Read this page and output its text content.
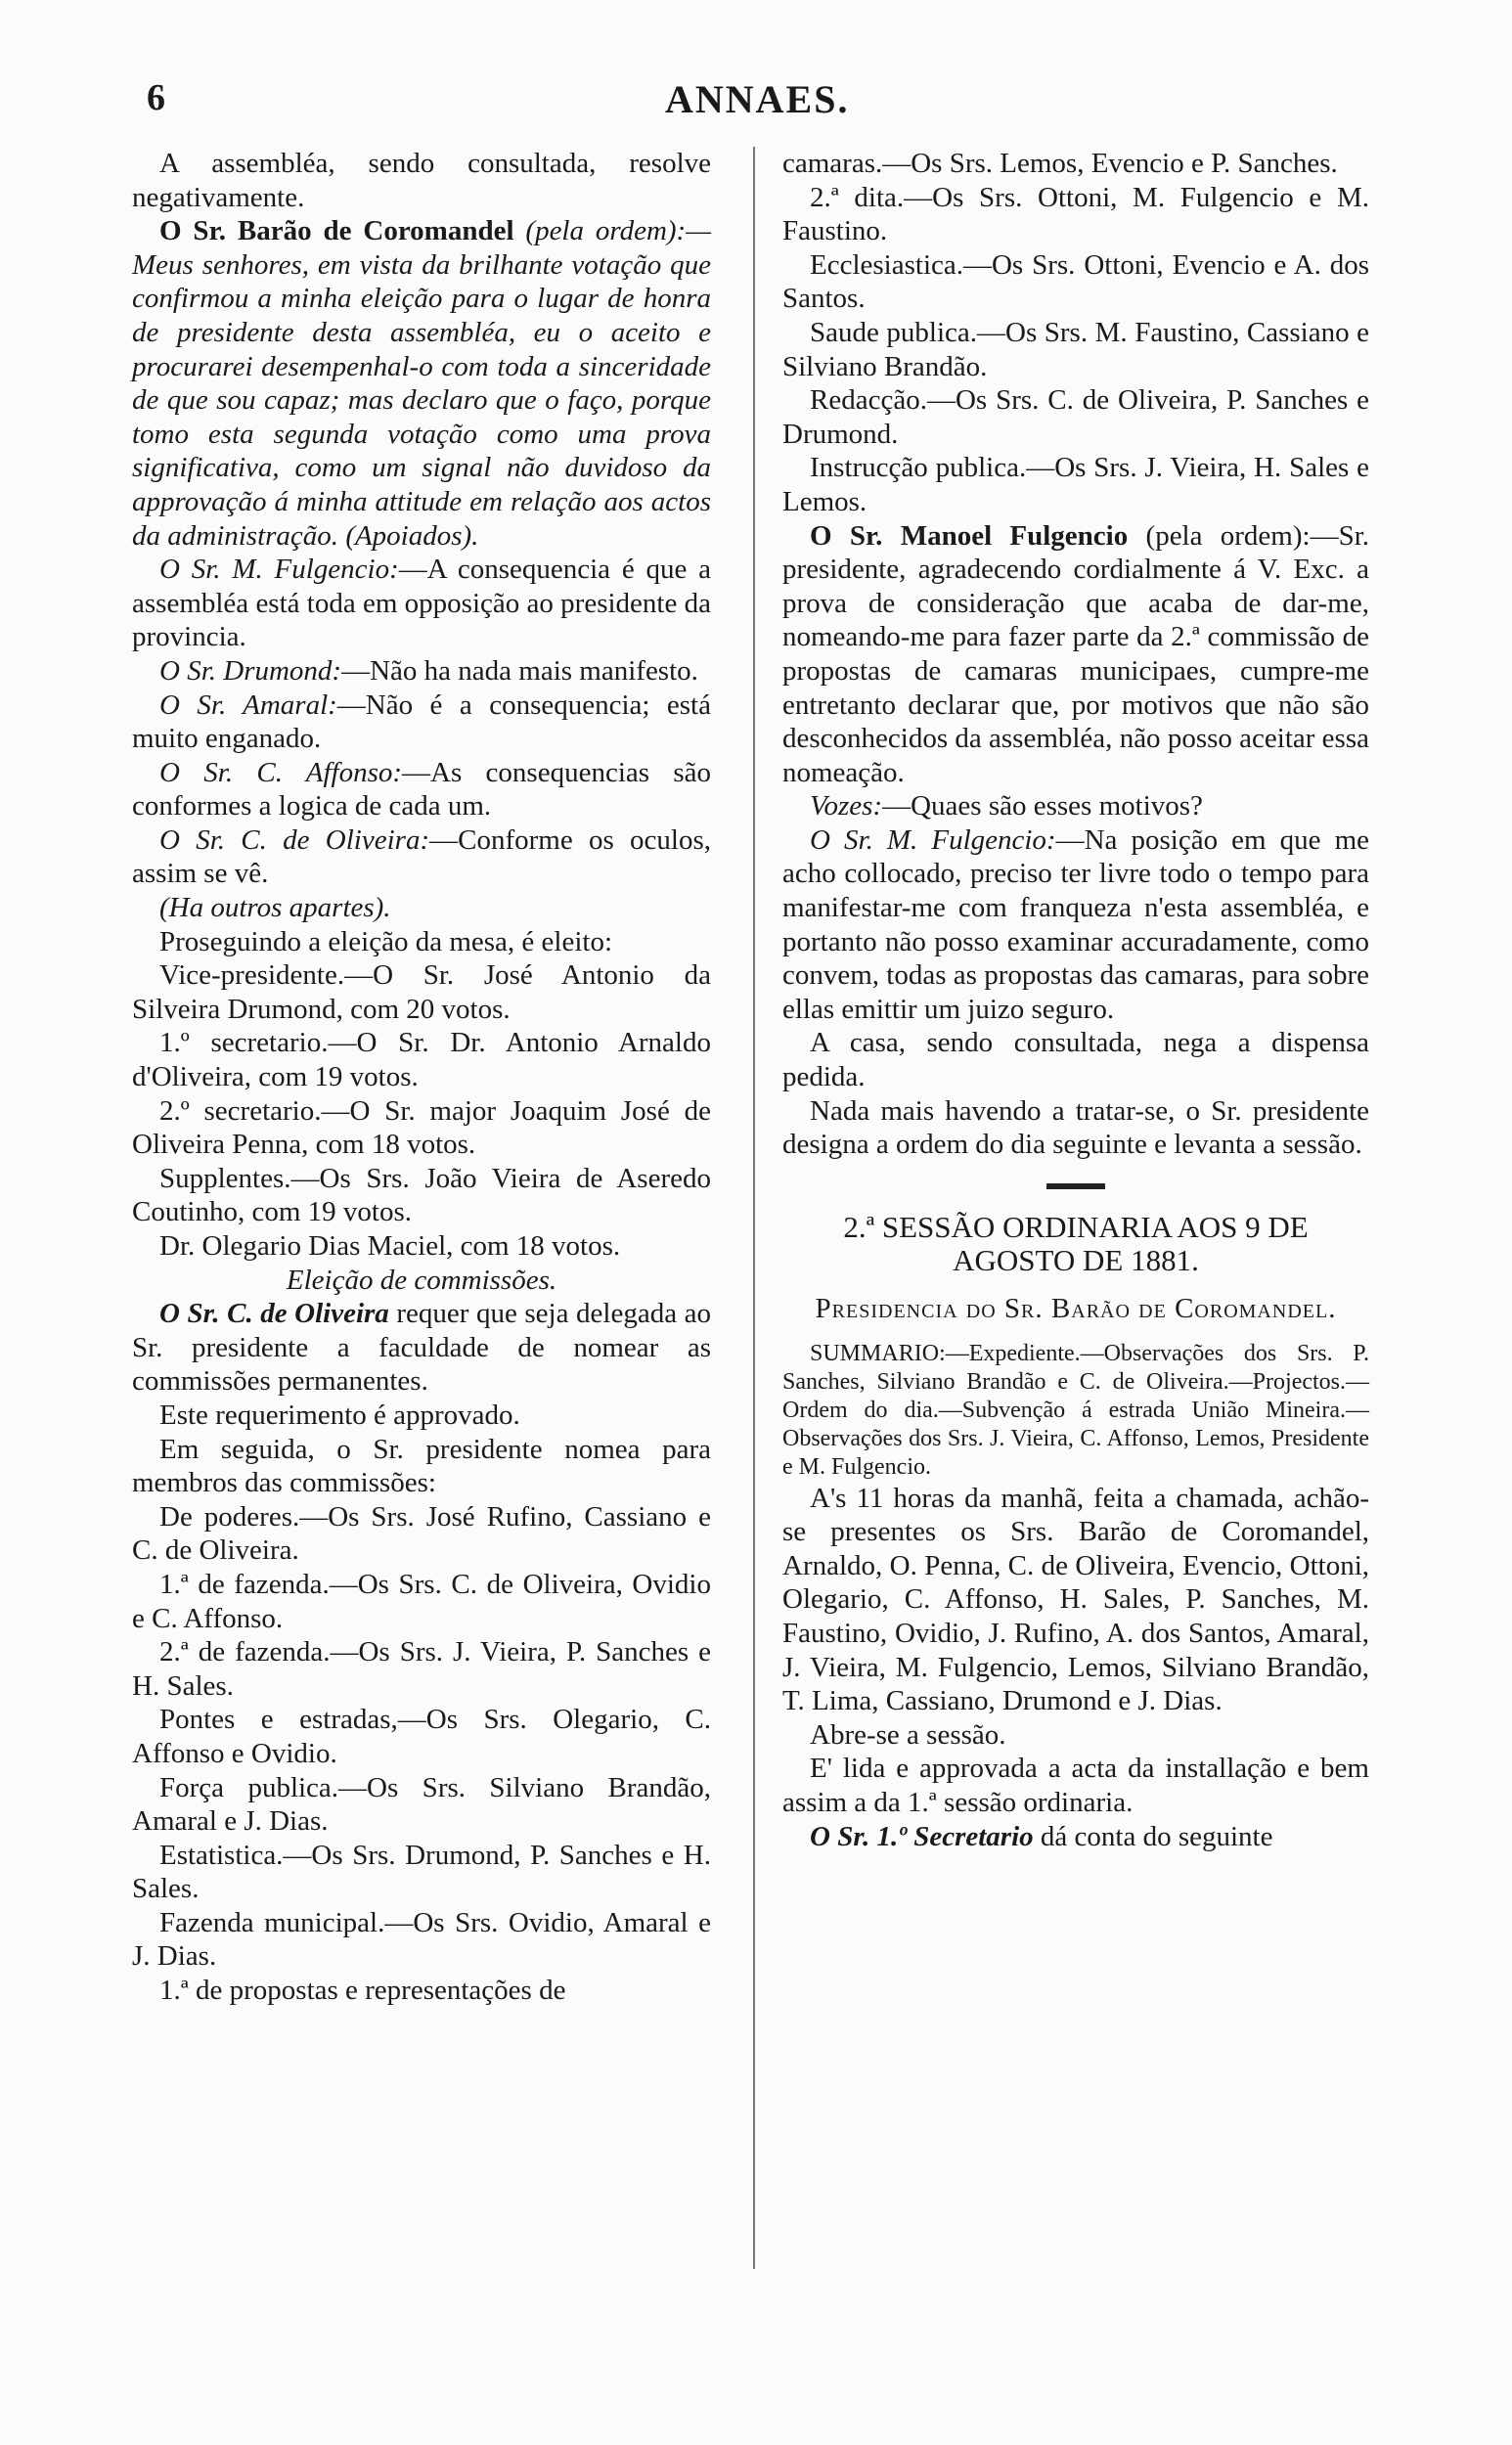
6	ANNAES.

A assembléa, sendo consultada, resolve negativamente.

O Sr. Barão de Coromandel (pela ordem):—Meus senhores, em vista da brilhante votação que confirmou a minha eleição para o lugar de honra de presidente desta assembléa, eu o aceito e procurarei desempenhal-o com toda a sinceridade de que sou capaz; mas declaro que o faço, porque tomo esta segunda votação como uma prova significativa, como um signal não duvidoso da approvação á minha attitude em relação aos actos da administração. (Apoiados).

O Sr. M. Fulgencio:—A consequencia é que a assembléa está toda em opposição ao presidente da provincia.

O Sr. Drumond:—Não ha nada mais manifesto.

O Sr. Amaral:—Não é a consequencia; está muito enganado.

O Sr. C. Affonso:—As consequencias são conformes a logica de cada um.

O Sr. C. de Oliveira:—Conforme os oculos, assim se vê.

(Ha outros apartes).

Proseguindo a eleição da mesa, é eleito:

Vice-presidente.—O Sr. José Antonio da Silveira Drumond, com 20 votos.

1.º secretario.—O Sr. Dr. Antonio Arnaldo d'Oliveira, com 19 votos.

2.º secretario.—O Sr. major Joaquim José de Oliveira Penna, com 18 votos.

Supplentes.—Os Srs. João Vieira de Aseredo Coutinho, com 19 votos.

Dr. Olegario Dias Maciel, com 18 votos.

Eleição de commissões.

O Sr. C. de Oliveira requer que seja delegada ao Sr. presidente a faculdade de nomear as commissões permanentes.

Este requerimento é approvado.

Em seguida, o Sr. presidente nomea para membros das commissões:

De poderes.—Os Srs. José Rufino, Cassiano e C. de Oliveira.

1.ª de fazenda.—Os Srs. C. de Oliveira, Ovidio e C. Affonso.

2.ª de fazenda.—Os Srs. J. Vieira, P. Sanches e H. Sales.

Pontes e estradas,—Os Srs. Olegario, C. Affonso e Ovidio.

Força publica.—Os Srs. Silviano Brandão, Amaral e J. Dias.

Estatistica.—Os Srs. Drumond, P. Sanches e H. Sales.

Fazenda municipal.—Os Srs. Ovidio, Amaral e J. Dias.

1.ª de propostas e representações de

camaras.—Os Srs. Lemos, Evencio e P. Sanches.

2.ª dita.—Os Srs. Ottoni, M. Fulgencio e M. Faustino.

Ecclesiastica.—Os Srs. Ottoni, Evencio e A. dos Santos.

Saude publica.—Os Srs. M. Faustino, Cassiano e Silviano Brandão.

Redacção.—Os Srs. C. de Oliveira, P. Sanches e Drumond.

Instrucção publica.—Os Srs. J. Vieira, H. Sales e Lemos.

O Sr. Manoel Fulgencio (pela ordem):—Sr. presidente, agradecendo cordialmente á V. Exc. a prova de consideração que acaba de dar-me, nomeando-me para fazer parte da 2.ª commissão de propostas de camaras municipaes, cumpre-me entretanto declarar que, por motivos que não são desconhecidos da assembléa, não posso aceitar essa nomeação.

Vozes:—Quaes são esses motivos?

O Sr. M. Fulgencio:—Na posição em que me acho collocado, preciso ter livre todo o tempo para manifestar-me com franqueza n'esta assembléa, e portanto não posso examinar accuradamente, como convem, todas as propostas das camaras, para sobre ellas emittir um juizo seguro.

A casa, sendo consultada, nega a dispensa pedida.

Nada mais havendo a tratar-se, o Sr. presidente designa a ordem do dia seguinte e levanta a sessão.

2.ª SESSÃO ORDINARIA AOS 9 DE AGOSTO DE 1881.

Presidencia do Sr. Barão de Coromandel.

SUMMARIO:—Expediente.—Observações dos Srs. P. Sanches, Silviano Brandão e C. de Oliveira.—Projectos.—Ordem do dia.—Subvenção á estrada União Mineira.—Observações dos Srs. J. Vieira, C. Affonso, Lemos, Presidente e M. Fulgencio.

A's 11 horas da manhã, feita a chamada, achão-se presentes os Srs. Barão de Coromandel, Arnaldo, O. Penna, C. de Oliveira, Evencio, Ottoni, Olegario, C. Affonso, H. Sales, P. Sanches, M. Faustino, Ovidio, J. Rufino, A. dos Santos, Amaral, J. Vieira, M. Fulgencio, Lemos, Silviano Brandão, T. Lima, Cassiano, Drumond e J. Dias.

Abre-se a sessão.

E' lida e approvada a acta da installação e bem assim a da 1.ª sessão ordinaria.

O Sr. 1.º Secretario dá conta do seguinte
